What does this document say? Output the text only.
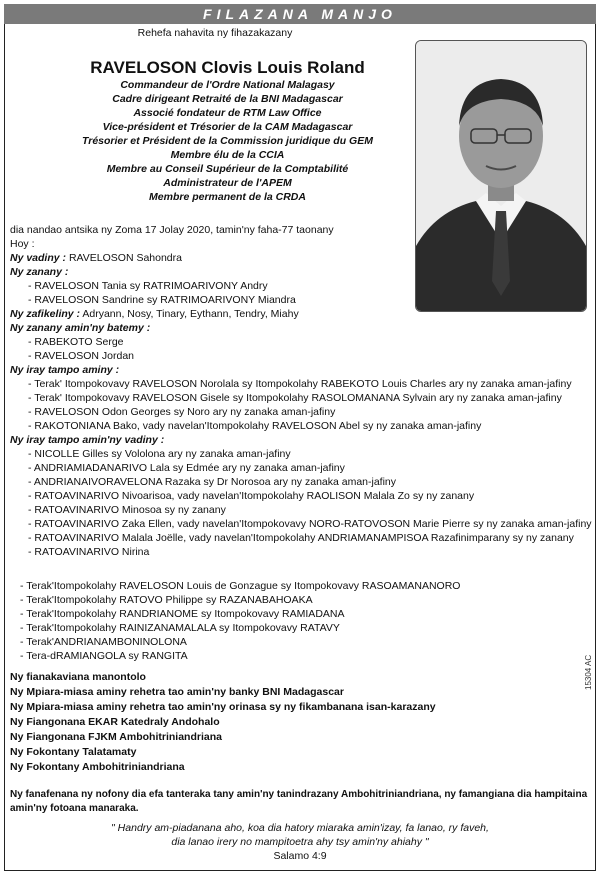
FILAZANA MANJO
Rehefa nahavita ny fihazakazany
RAVELOSON Clovis Louis Roland
Commandeur de l'Ordre National Malagasy
Cadre dirigeant Retraité de la BNI Madagascar
Associé fondateur de RTM Law Office
Vice-président et Trésorier de la CAM Madagascar
Trésorier et Président de la Commission juridique du GEM
Membre élu de la CCIA
Membre au Conseil Supérieur de la Comptabilité
Administrateur de l'APEM
Membre permanent de la CRDA
dia nandao antsika ny Zoma 17 Jolay 2020, tamin'ny faha-77 taonany
Hoy :
Ny vadiny : RAVELOSON Sahondra
Ny zanany :
- RAVELOSON Tania sy RATRIMOARIVONY Andry
- RAVELOSON Sandrine sy RATRIMOARIVONY Miandra
Ny zafikeliny : Adryann, Nosy, Tinary, Eythann, Tendry, Miahy
Ny zanany amin'ny batemy :
- RABEKOTO Serge
- RAVELOSON Jordan
Ny iray tampo aminy :
- Terak' Itompokovavy RAVELOSON Norolala sy Itompokolahy RABEKOTO Louis Charles ary ny zanaka aman-jafiny
- Terak' Itompokovavy RAVELOSON Gisele sy Itompokolahy RASOLOMANANA Sylvain ary ny zanaka aman-jafiny
- RAVELOSON Odon Georges sy Noro ary ny zanaka aman-jafiny
- RAKOTONIANA Bako, vady navelan'Itompokolahy RAVELOSON Abel sy ny zanaka aman-jafiny
Ny iray tampo amin'ny vadiny :
- NICOLLE Gilles sy Vololona ary ny zanaka aman-jafiny
- ANDRIAMIADANARIVO Lala sy Edmée ary ny zanaka aman-jafiny
- ANDRIANAIVORAVELONA Razaka sy Dr Norosoa ary ny zanaka aman-jafiny
- RATOAVINARIVO Nivoarisoa, vady navelan'Itompokolahy RAOLISON Malala Zo sy ny zanany
- RATOAVINARIVO Minosoa sy ny zanany
- RATOAVINARIVO Zaka Ellen, vady navelan'Itompokovavy NORO-RATOVOSON Marie Pierre sy ny zanaka aman-jafiny
- RATOAVINARIVO Malala Joëlle, vady navelan'Itompokolahy ANDRIAMANAMPISOA Razafinimparany sy ny zanany
- RATOAVINARIVO Nirina
- Terak'Itompokolahy RAVELOSON Louis de Gonzague sy Itompokovavy RASOAMANANORO
- Terak'Itompokolahy RATOVO Philippe sy RAZANABAHOAKA
- Terak'Itompokolahy RANDRIANOME sy Itompokovavy RAMIADANA
- Terak'Itompokolahy RAINIZANAMALALA sy Itompokovavy RATAVY
- Terak'ANDRIANAMBONINOLONA
- Tera-dRAMIANGOLA sy RANGITA
Ny fianakaviana manontolo
Ny Mpiara-miasa aminy rehetra tao amin'ny banky BNI Madagascar
Ny Mpiara-miasa aminy rehetra tao amin'ny orinasa sy ny fikambanana isan-karazany
Ny Fiangonana EKAR Katedraly Andohalo
Ny Fiangonana FJKM Ambohitriniandriana
Ny Fokontany Talatamaty
Ny Fokontany Ambohitriniandriana
Ny fanafenana ny nofony dia efa tanteraka tany amin'ny tanindrazany Ambohitriniandriana, ny famangiana dia hampitaina
amin'ny fotoana manaraka.
" Handry am-piadanana aho, koa dia hatory miaraka amin'izay, fa lanao, ry faveh,
dia lanao irery no mampitoetra ahy tsy amin'ny ahiahy "
Salamo 4:9
15304 AC
